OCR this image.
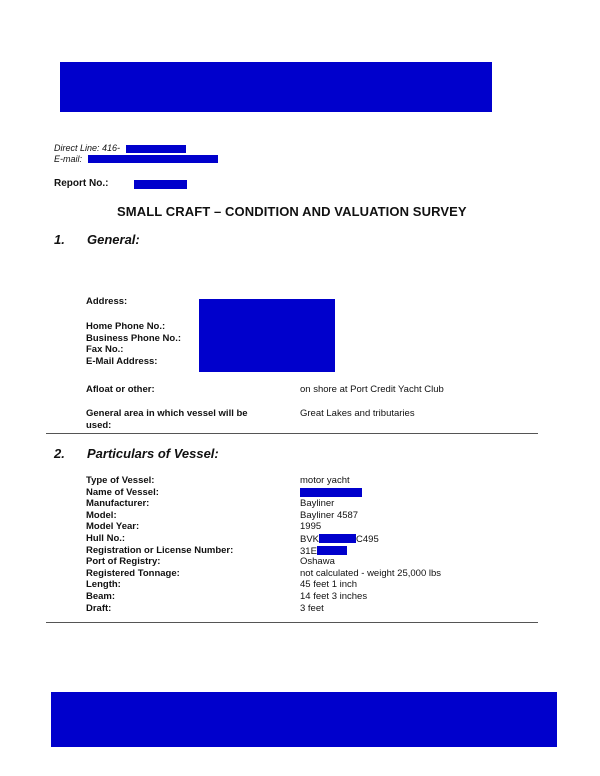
Direct Line: 416-
E-mail:
Report No.:
SMALL CRAFT – CONDITION AND VALUATION SURVEY
1. General:
Address:
Home Phone No.:
Business Phone No.:
Fax No.:
E-Mail Address:
Afloat or other:	on shore at Port Credit Yacht Club
General area in which vessel will be
used:
Great Lakes and tributaries
2. Particulars of Vessel:
Type of Vessel:
Name of Vessel:
Manufacturer:
Model:
Model Year:
Hull No.:
Registration or License Number:
Port of Registry:
Registered Tonnage:
Length:
Beam:
Draft:
motor yacht
Bayliner
Bayliner 4587
1995
BVK	C495
31E
Oshawa
not calculated - weight 25,000 lbs
45 feet 1 inch
14 feet 3 inches
3 feet
